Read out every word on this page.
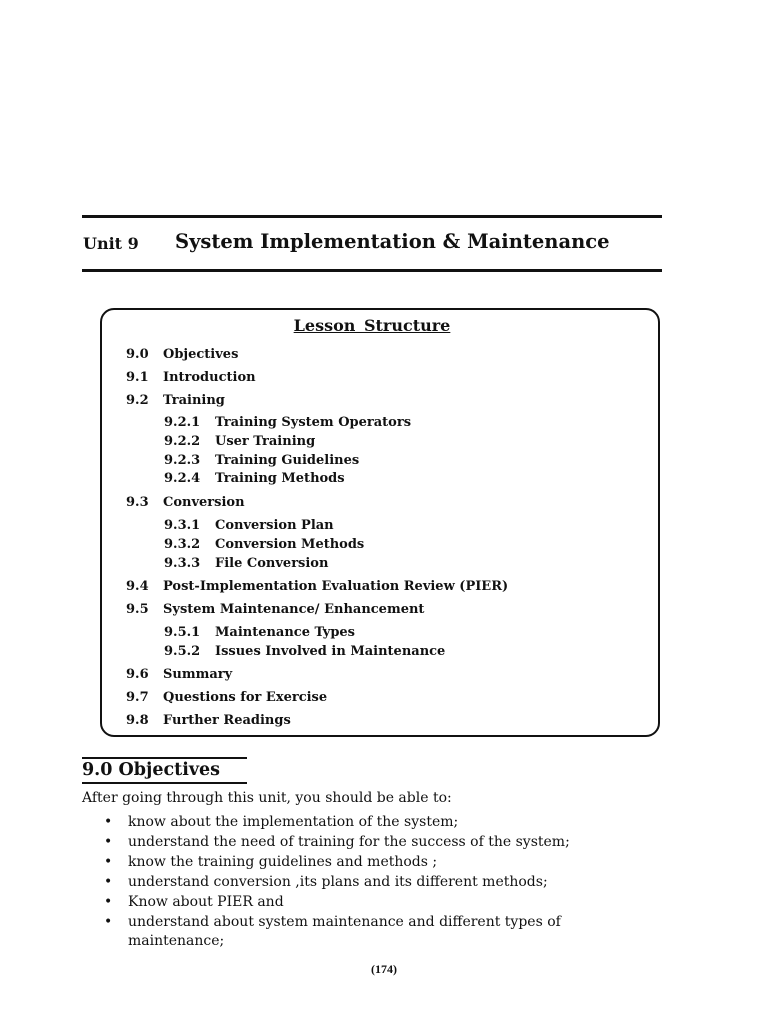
Unit 9 System Implementation & Maintenance
Lesson Structure
9.0 Objectives
9.1 Introduction
9.2 Training
9.2.1 Training System Operators
9.2.2 User Training
9.2.3 Training Guidelines
9.2.4 Training Methods
9.3 Conversion
9.3.1 Conversion Plan
9.3.2 Conversion Methods
9.3.3 File Conversion
9.4 Post-Implementation Evaluation Review (PIER)
9.5 System Maintenance/ Enhancement
9.5.1 Maintenance Types
9.5.2 Issues Involved in Maintenance
9.6 Summary
9.7 Questions for Exercise
9.8 Further Readings
9.0 Objectives
After going through this unit, you should be able to:
• know about the implementation of the system;
• understand the need of training for the success of the system;
• know the training guidelines and methods ;
• understand conversion ,its plans and its different methods;
• Know about PIER and
• understand about system maintenance and different types of
maintenance;
(174)
